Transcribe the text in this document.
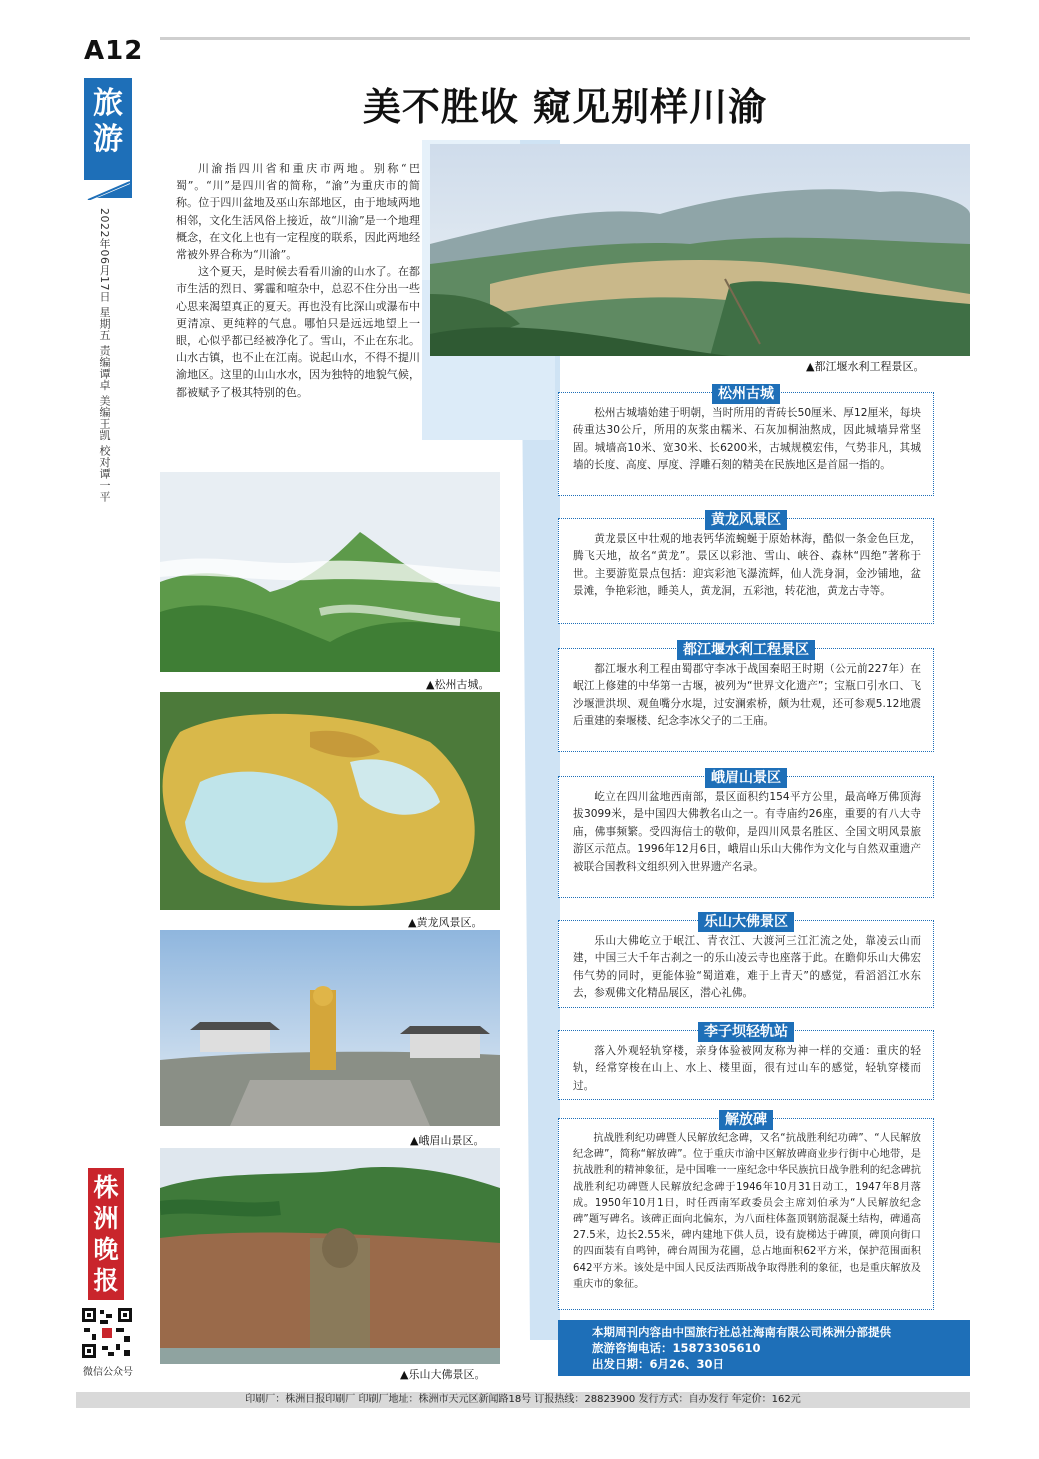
A12
旅游
2022年06月17日 星期五 责编谭卓 美编王凯 校对谭一平
美不胜收 窥见别样川渝

川渝指四川省和重庆市两地。别称“巴蜀”。“川”是四川省的简称，“渝”为重庆市的简称。位于四川盆地及巫山东部地区，由于地域两地相邻，文化生活风俗上接近，故“川渝”是一个地理概念，在文化上也有一定程度的联系，因此两地经常被外界合称为“川渝”。

这个夏天，是时候去看看川渝的山水了。在都市生活的烈日、雾霾和喧杂中，总忍不住分出一些心思来渴望真正的夏天。再也没有比深山或瀑布中更清凉、更纯粹的气息。哪怕只是远远地望上一眼，心似乎都已经被净化了。雪山，不止在东北。山水古镇，也不止在江南。说起山水，不得不提川渝地区。这里的山山水水，因为独特的地貌气候，都被赋予了极其特别的色。

▲都江堰水利工程景区。
▲松州古城。
▲黄龙风景区。
▲峨眉山景区。
▲乐山大佛景区。
松州古城
松州古城墙始建于明朝，当时所用的青砖长50厘米、厚12厘米，每块砖重达30公斤，所用的灰浆由糯米、石灰加桐油熬成，因此城墙异常坚固。城墙高10米、宽30米、长6200米，古城规模宏伟，气势非凡，其城墙的长度、高度、厚度、浮雕石刻的精美在民族地区是首屈一指的。
黄龙风景区
黄龙景区中壮观的地表钙华流蜿蜒于原始林海，酷似一条金色巨龙，腾飞天地，故名“黄龙”。景区以彩池、雪山、峡谷、森林“四绝”著称于世。主要游览景点包括：迎宾彩池飞瀑流辉，仙人洗身洞，金沙铺地，盆景滩，争艳彩池，睡美人，黄龙洞，五彩池，转花池，黄龙古寺等。
都江堰水利工程景区
都江堰水利工程由蜀郡守李冰于战国秦昭王时期（公元前227年）在岷江上修建的中华第一古堰，被列为“世界文化遗产”；宝瓶口引水口、飞沙堰泄洪坝、观鱼嘴分水堤，过安澜索桥，颇为壮观，还可参观5.12地震后重建的秦堰楼、纪念李冰父子的二王庙。
峨眉山景区
屹立在四川盆地西南部，景区面积约154平方公里，最高峰万佛顶海拔3099米，是中国四大佛教名山之一。有寺庙约26座，重要的有八大寺庙，佛事频繁。受四海信士的敬仰，是四川风景名胜区、全国文明风景旅游区示范点。1996年12月6日，峨眉山乐山大佛作为文化与自然双重遗产被联合国教科文组织列入世界遗产名录。
乐山大佛景区
乐山大佛屹立于岷江、青衣江、大渡河三江汇流之处，靠凌云山而建，中国三大千年古刹之一的乐山凌云寺也座落于此。在瞻仰乐山大佛宏伟气势的同时，更能体验“蜀道难，难于上青天”的感觉，看滔滔江水东去，参观佛文化精品展区，潜心礼佛。
李子坝轻轨站
落入外观轻轨穿楼，亲身体验被网友称为神一样的交通：重庆的轻轨，经常穿梭在山上、水上、楼里面，很有过山车的感觉，轻轨穿楼而过。
解放碑
抗战胜利纪功碑暨人民解放纪念碑，又名“抗战胜利纪功碑”、“人民解放纪念碑”，简称“解放碑”。位于重庆市渝中区解放碑商业步行街中心地带，是抗战胜利的精神象征，是中国唯一一座纪念中华民族抗日战争胜利的纪念碑抗战胜利纪功碑暨人民解放纪念碑于1946年10月31日动工，1947年8月落成。1950年10月1日，时任西南军政委员会主席刘伯承为“人民解放纪念碑”题写碑名。该碑正面向北偏东，为八面柱体盔顶钢筋混凝土结构，碑通高27.5米，边长2.55米，碑内建地下供人员，设有旋梯达于碑顶，碑顶向街口的四面装有自鸣钟，碑台周围为花圃，总占地面积62平方米，保护范围面积642平方米。该处是中国人民反法西斯战争取得胜利的象征，也是重庆解放及重庆市的象征。
本期周刊内容由中国旅行社总社海南有限公司株洲分部提供
旅游咨询电话：15873305610
出发日期：6月26、30日
株洲晚报
微信公众号
印刷厂：株洲日报印刷厂 印刷厂地址：株洲市天元区新闻路18号 订报热线：28823900 发行方式：自办发行 年定价：162元
